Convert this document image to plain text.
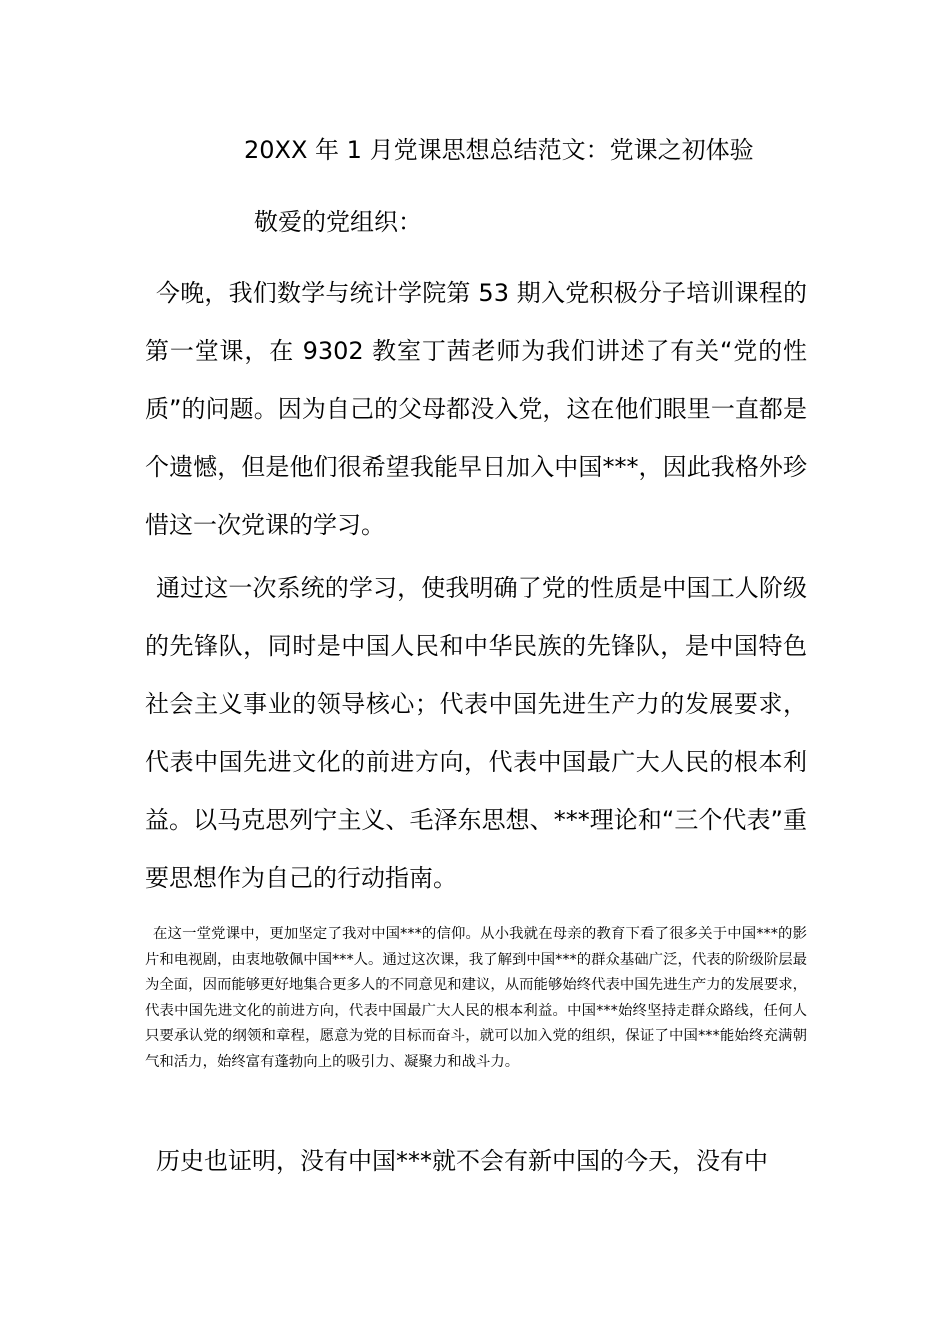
20XX 年 1 月党课思想总结范文：党课之初体验
敬爱的党组织：

今晚，我们数学与统计学院第 53 期入党积极分子培训课程的第一堂课，在 9302 教室丁茜老师为我们讲述了有关“党的性质”的问题。因为自己的父母都没入党，这在他们眼里一直都是个遗憾，但是他们很希望我能早日加入中国***，因此我格外珍惜这一次党课的学习。

通过这一次系统的学习，使我明确了党的性质是中国工人阶级的先锋队，同时是中国人民和中华民族的先锋队，是中国特色社会主义事业的领导核心；代表中国先进生产力的发展要求，代表中国先进文化的前进方向，代表中国最广大人民的根本利益。以马克思列宁主义、毛泽东思想、***理论和“三个代表”重要思想作为自己的行动指南。

在这一堂党课中，更加坚定了我对中国***的信仰。从小我就在母亲的教育下看了很多关于中国***的影片和电视剧，由衷地敬佩中国***人。通过这次课，我了解到中国***的群众基础广泛，代表的阶级阶层最为全面，因而能够更好地集合更多人的不同意见和建议，从而能够始终代表中国先进生产力的发展要求，代表中国先进文化的前进方向，代表中国最广大人民的根本利益。中国***始终坚持走群众路线，任何人只要承认党的纲领和章程，愿意为党的目标而奋斗，就可以加入党的组织，保证了中国***能始终充满朝气和活力，始终富有蓬勃向上的吸引力、凝聚力和战斗力。

历史也证明，没有中国***就不会有新中国的今天，没有中
